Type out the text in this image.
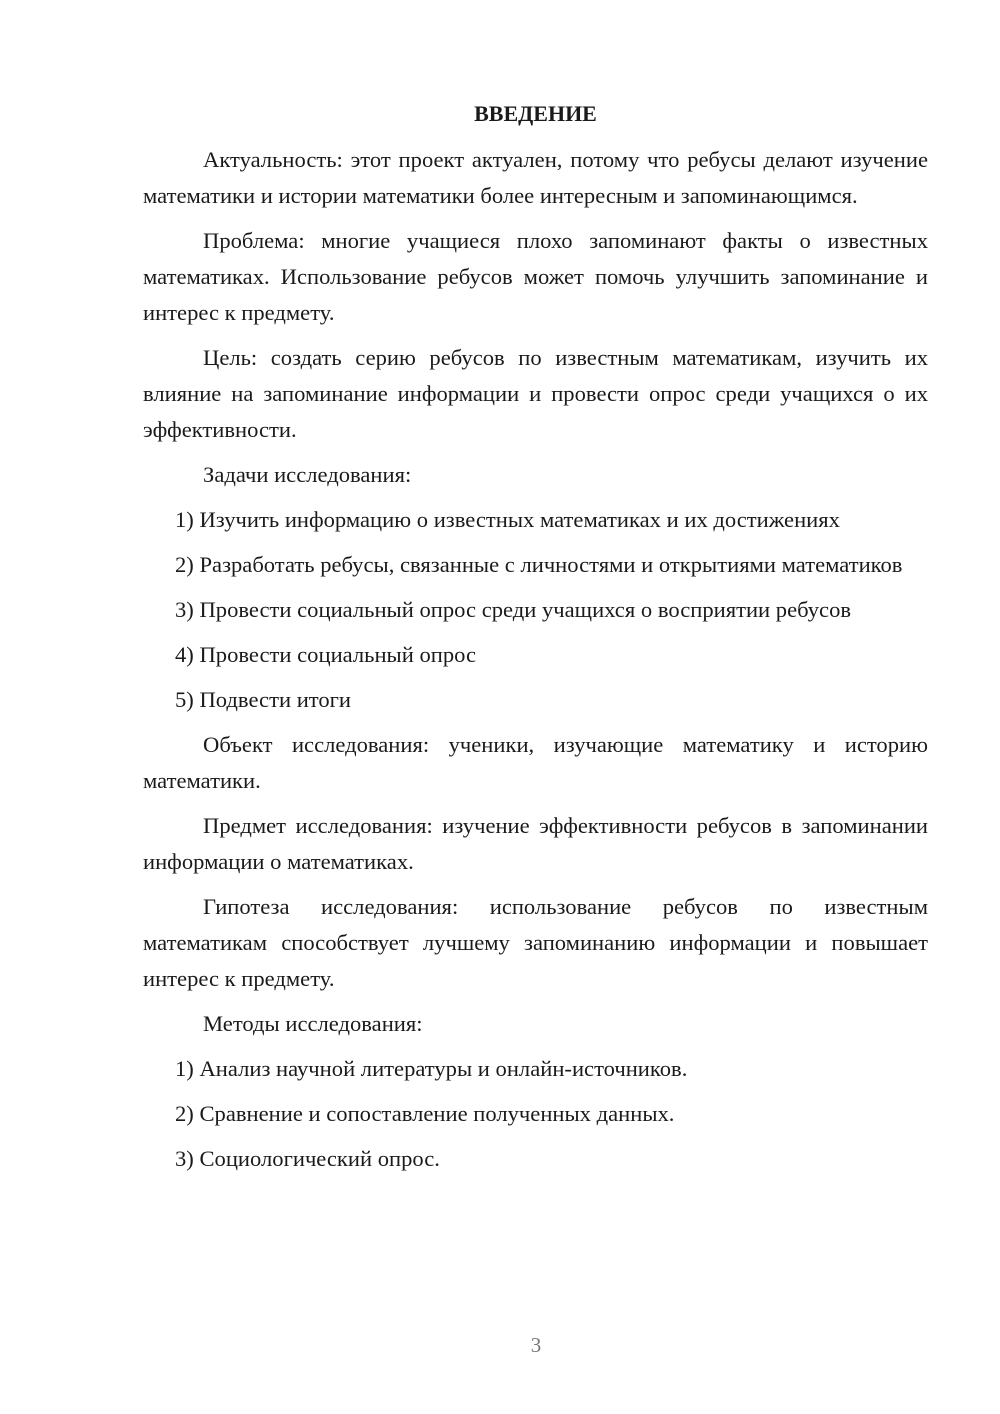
ВВЕДЕНИЕ

Актуальность: этот проект актуален, потому что ребусы делают изучение математики и истории математики более интересным и запоминающимся.

Проблема: многие учащиеся плохо запоминают факты о известных математиках. Использование ребусов может помочь улучшить запоминание и интерес к предмету.

Цель: создать серию ребусов по известным математикам, изучить их влияние на запоминание информации и провести опрос среди учащихся о их эффективности.

Задачи исследования:

1) Изучить информацию о известных математиках и их достижениях

2) Разработать ребусы, связанные с личностями и открытиями математиков

3) Провести социальный опрос среди учащихся о восприятии ребусов

4) Провести социальный опрос

5) Подвести итоги

Объект исследования: ученики, изучающие математику и историю математики.

Предмет исследования: изучение эффективности ребусов в запоминании информации о математиках.

Гипотеза исследования: использование ребусов по известным математикам способствует лучшему запоминанию информации и повышает интерес к предмету.

Методы исследования:

1) Анализ научной литературы и онлайн-источников.

2) Сравнение и сопоставление полученных данных.

3) Социологический опрос.

3
